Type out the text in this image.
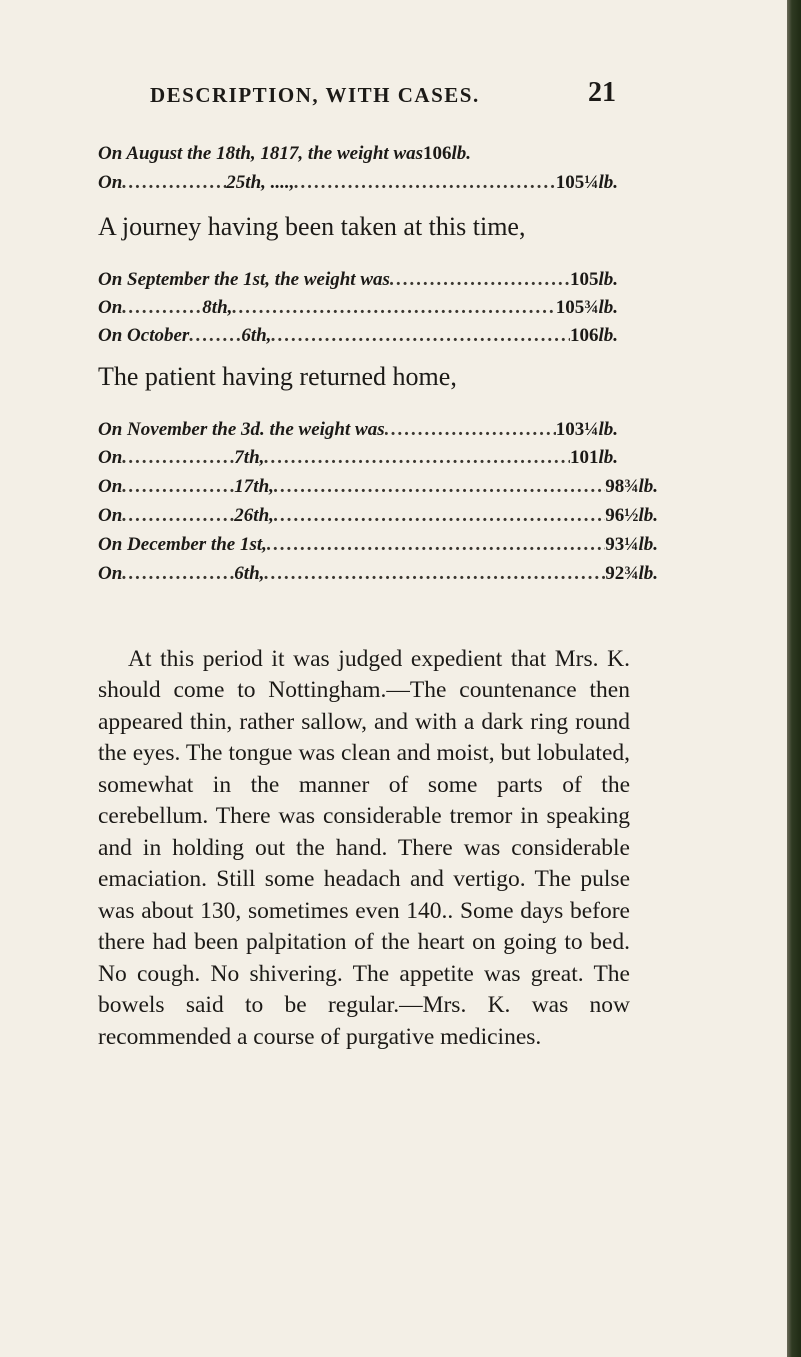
DESCRIPTION, WITH CASES.	21
On August the 18th, 1817, the weight was 106lb.
On .....	25th, ...., .....	105¼lb.
A journey having been taken at this time,
On September the 1st, the weight was .....	105lb.
On .....	8th, .....	105¾lb.
On October .....	6th, .....	106lb.
The patient having returned home,
On November the 3d. the weight was .....	103¼lb.
On .....	7th, .....	101lb.
On .....	17th, .....	98¾lb.
On .....	26th, .....	96½lb.
On December the 1st, .....	93¼lb.
On .....	6th, .....	92¾lb.

At this period it was judged expedient that Mrs. K. should come to Nottingham.—The countenance then appeared thin, rather sallow, and with a dark ring round the eyes. The tongue was clean and moist, but lobulated, somewhat in the manner of some parts of the cerebellum. There was considerable tremor in speaking and in holding out the hand. There was considerable emaciation. Still some headach and vertigo. The pulse was about 130, sometimes even 140.. Some days before there had been palpitation of the heart on going to bed. No cough. No shivering. The appetite was great. The bowels said to be regular.—Mrs. K. was now recommended a course of purgative medicines.
